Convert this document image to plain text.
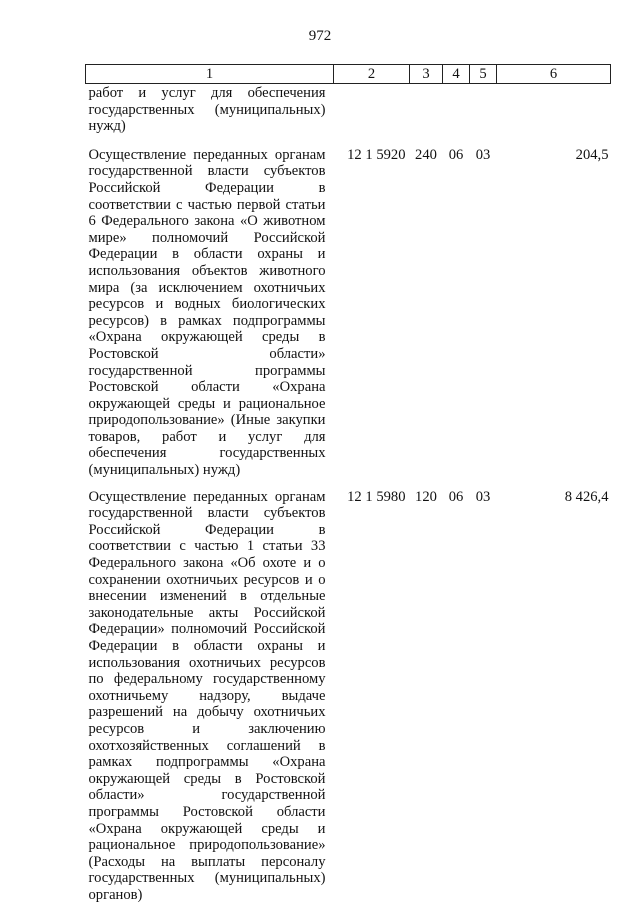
972
1	2	3	4	5	6
работ и услуг для обеспечения государственных (муниципальных) нужд)					
Осуществление переданных органам государственной власти субъектов Российской Федерации в соответствии с частью первой статьи 6 Федерального закона «О животном мире» полномочий Российской Федерации в области охраны и использования объектов животного мира (за исключением охотничьих ресурсов и водных биологических ресурсов) в рамках подпрограммы «Охрана окружающей среды в Ростовской области» государственной программы Ростовской области «Охрана окружающей среды и рациональное природопользование» (Иные закупки товаров, работ и услуг для обеспечения государственных (муниципальных) нужд)	12 1 5920	240	06	03	204,5
Осуществление переданных органам государственной власти субъектов Российской Федерации в соответствии с частью 1 статьи 33 Федерального закона «Об охоте и о сохранении охотничьих ресурсов и о внесении изменений в отдельные законодательные акты Российской Федерации» полномочий Российской Федерации в области охраны и использования охотничьих ресурсов по федеральному государственному охотничьему надзору, выдаче разрешений на добычу охотничьих ресурсов и заключению охотхозяйственных соглашений в рамках подпрограммы «Охрана окружающей среды в Ростовской области» государственной программы Ростовской области «Охрана окружающей среды и рациональное природопользование» (Расходы на выплаты персоналу государственных (муниципальных) органов)	12 1 5980	120	06	03	8 426,4
